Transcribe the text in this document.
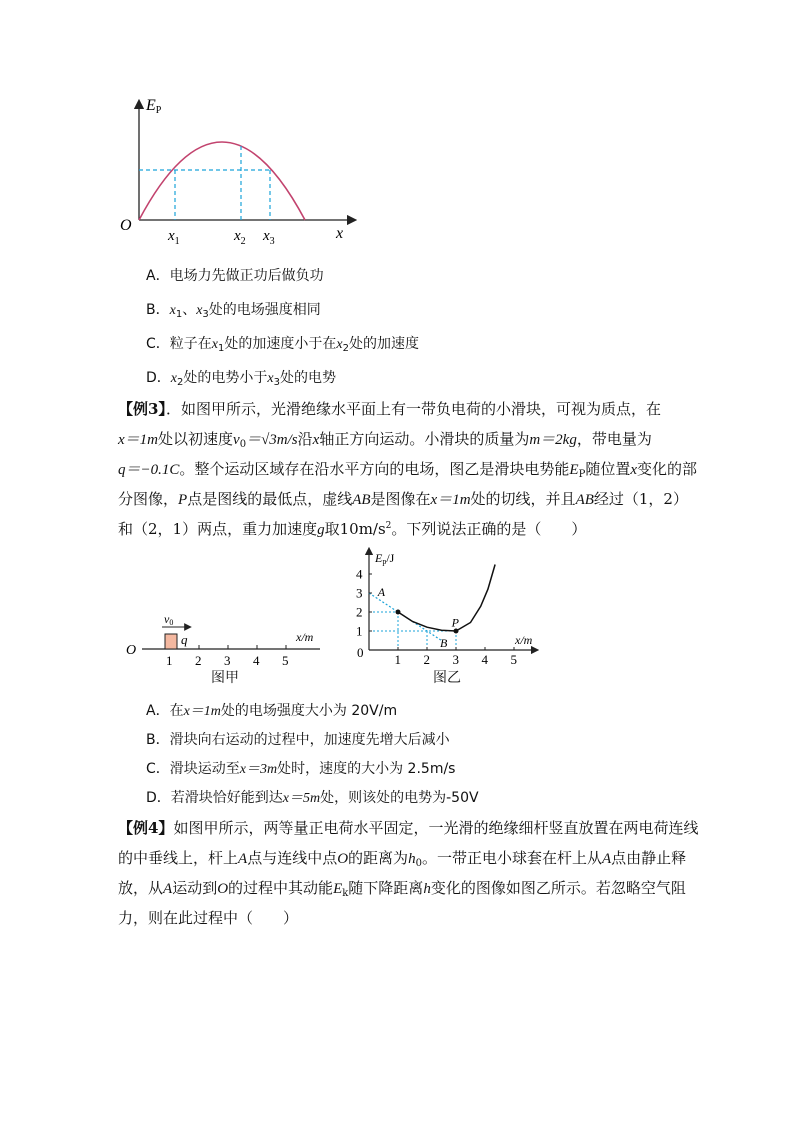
EP
O	x
$x_1$	$x_2$ $x_3$
A．电场力先做正功后做负功
B．$x_1$、$x_3$处的电场强度相同
C．粒子在$x_1$处的加速度小于在$x_2$处的加速度
D．$x_2$处的电势小于$x_3$处的电势
【例3】．如图甲所示，光滑绝缘水平面上有一带负电荷的小滑块，可视为质点，在
x＝1m处以初速度$v_0=√3m/s$沿x轴正方向运动。小滑块的质量为m＝2kg，带电量为
q＝−0.1C。整个运动区域存在沿水平方向的电场，图乙是滑块电势能$E_P$随位置x变化的部
分图像，P点是图线的最低点，虚线AB是图像在x＝1m处的切线，并且AB经过（1，2）
和（2，1）两点，重力加速度g取$10m/s^2$。下列说法正确的是（　　）
v0
q
O
x/m
1 2 3 4 5
图甲
1 2 3 4 5
1
2
3
4
Ep/J
x/m
0
A
B
P
图乙
A．在x＝1m处的电场强度大小为 20V/m
B．滑块向右运动的过程中，加速度先增大后减小
C．滑块运动至x＝3m处时，速度的大小为 2.5m/s
D．若滑块恰好能到达x＝5m处，则该处的电势为-50V
【例4】如图甲所示，两等量正电荷水平固定，一光滑的绝缘细杆竖直放置在两电荷连线
的中垂线上，杆上A点与连线中点O的距离为$h_0$。一带正电小球套在杆上从A点由静止释
放，从A运动到O的过程中其动能$E_k$随下降距离h变化的图像如图乙所示。若忽略空气阻
力，则在此过程中（　　）
